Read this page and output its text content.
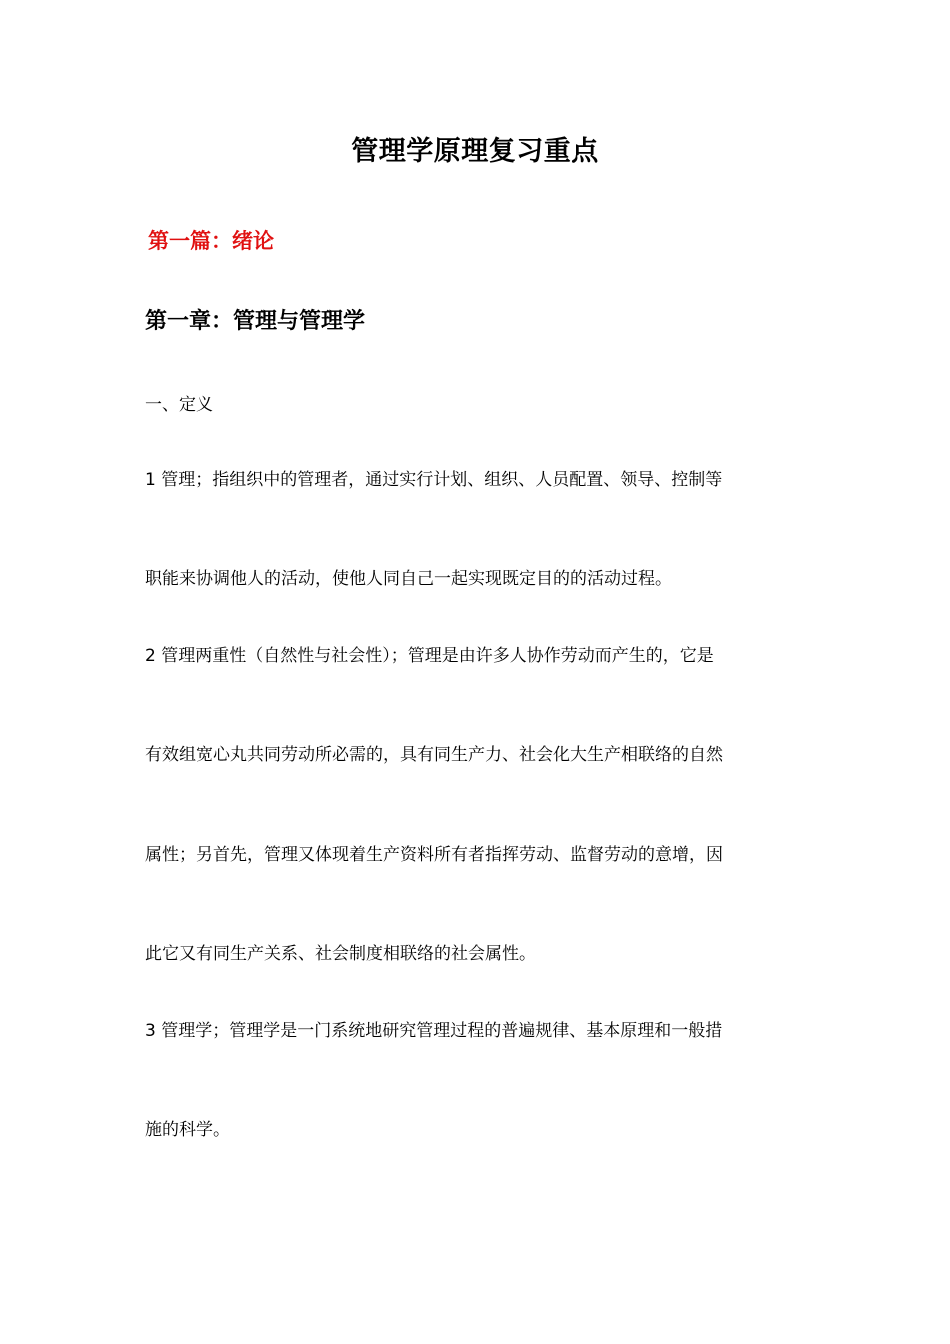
管理学原理复习重点
第一篇：绪论
第一章：管理与管理学
一、定义
1 管理；指组织中的管理者，通过实行计划、组织、人员配置、领导、控制等
职能来协调他人的活动，使他人同自己一起实现既定目的的活动过程。
2 管理两重性（自然性与社会性）；管理是由许多人协作劳动而产生的，它是
有效组宽心丸共同劳动所必需的，具有同生产力、社会化大生产相联络的自然
属性；另首先，管理又体现着生产资料所有者指挥劳动、监督劳动的意增，因
此它又有同生产关系、社会制度相联络的社会属性。
3 管理学；管理学是一门系统地研究管理过程的普遍规律、基本原理和一般措
施的科学。
